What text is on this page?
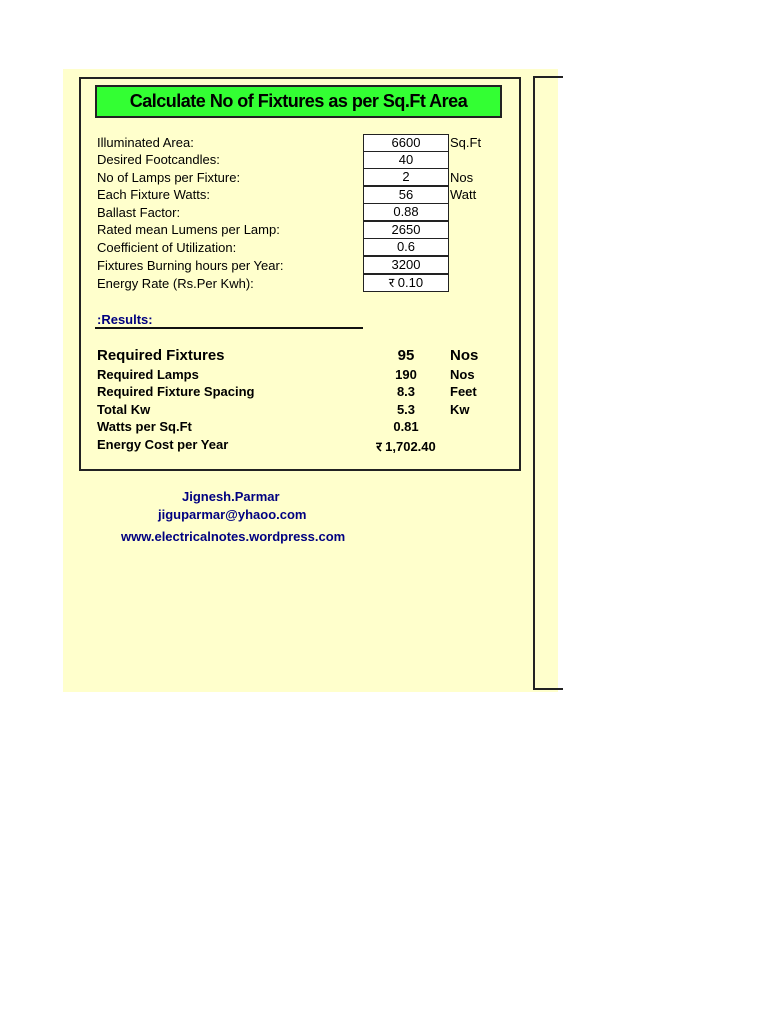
Calculate No of Fixtures as per Sq.Ft Area
Illuminated Area:	6600	Sq.Ft
Desired Footcandles:	40
No of Lamps per Fixture:	2	Nos
Each Fixture Watts:	56	Watt
Ballast Factor:	0.88
Rated mean Lumens per Lamp:	2650
Coefficient of Utilization:	0.6
Fixtures Burning hours per Year:	3200
Energy Rate (Rs.Per Kwh):	र 0.10
:Results:
Required Fixtures	95	Nos
Required Lamps	190	Nos
Required Fixture Spacing	8.3	Feet
Total Kw	5.3	Kw
Watts per Sq.Ft	0.81
Energy Cost per Year	र 1,702.40
Jignesh.Parmar
jiguparmar@yhaoo.com
www.electricalnotes.wordpress.com
